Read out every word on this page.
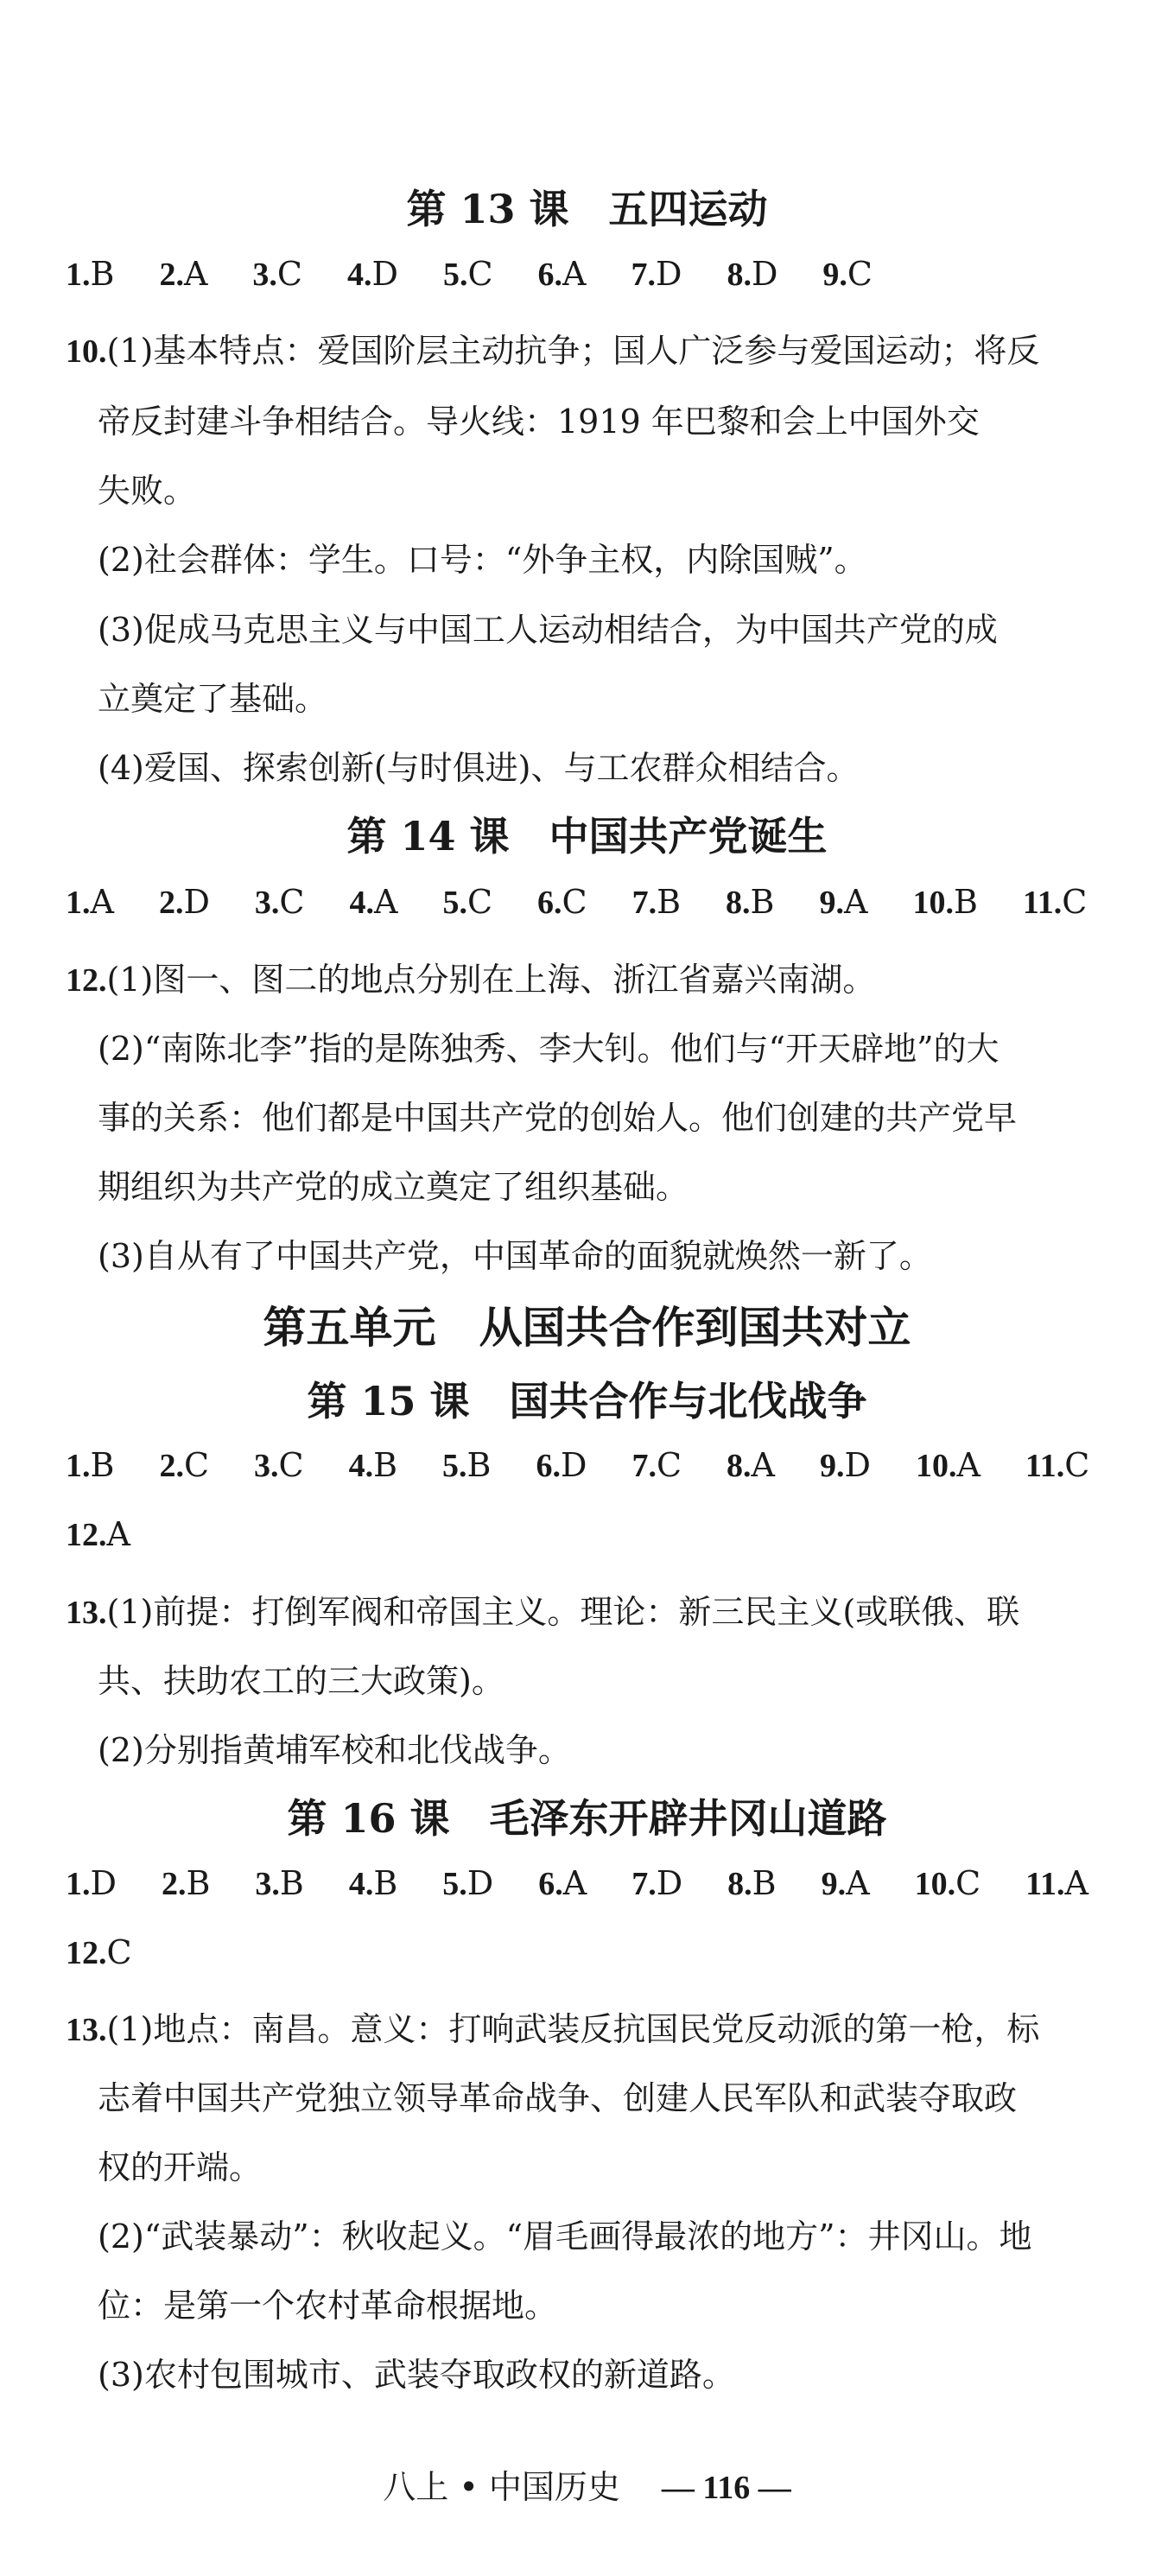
第 13 课　五四运动
1.B 2.A 3.C 4.D 5.C 6.A 7.D 8.D 9.C
10.(1)基本特点：爱国阶层主动抗争；国人广泛参与爱国运动；将反
帝反封建斗争相结合。导火线：1919 年巴黎和会上中国外交
失败。
(2)社会群体：学生。口号：“外争主权，内除国贼”。
(3)促成马克思主义与中国工人运动相结合，为中国共产党的成
立奠定了基础。
(4)爱国、探索创新(与时俱进)、与工农群众相结合。
第 14 课　中国共产党诞生
1.A 2.D 3.C 4.A 5.C 6.C 7.B 8.B 9.A 10.B 11.C
12.(1)图一、图二的地点分别在上海、浙江省嘉兴南湖。
(2)“南陈北李”指的是陈独秀、李大钊。他们与“开天辟地”的大
事的关系：他们都是中国共产党的创始人。他们创建的共产党早
期组织为共产党的成立奠定了组织基础。
(3)自从有了中国共产党，中国革命的面貌就焕然一新了。
第五单元　从国共合作到国共对立
第 15 课　国共合作与北伐战争
1.B 2.C 3.C 4.B 5.B 6.D 7.C 8.A 9.D 10.A 11.C
12.A
13.(1)前提：打倒军阀和帝国主义。理论：新三民主义(或联俄、联
共、扶助农工的三大政策)。
(2)分别指黄埔军校和北伐战争。
第 16 课　毛泽东开辟井冈山道路
1.D 2.B 3.B 4.B 5.D 6.A 7.D 8.B 9.A 10.C 11.A
12.C
13.(1)地点：南昌。意义：打响武装反抗国民党反动派的第一枪，标
志着中国共产党独立领导革命战争、创建人民军队和武装夺取政
权的开端。
(2)“武装暴动”：秋收起义。“眉毛画得最浓的地方”：井冈山。地
位：是第一个农村革命根据地。
(3)农村包围城市、武装夺取政权的新道路。
八上 • 中国历史 — 116 —
